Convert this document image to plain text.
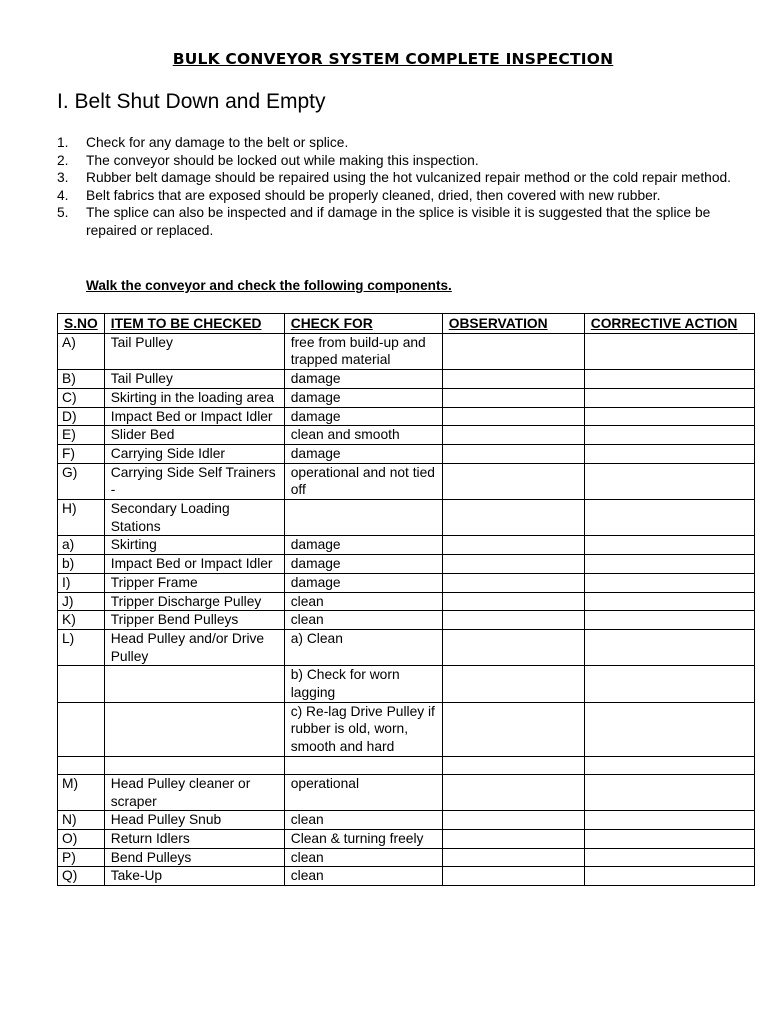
BULK CONVEYOR SYSTEM COMPLETE INSPECTION
I. Belt Shut Down and Empty
1. Check for any damage to the belt or splice.
2. The conveyor should be locked out while making this inspection.
3. Rubber belt damage should be repaired using the hot vulcanized repair method or the cold repair method.
4. Belt fabrics that are exposed should be properly cleaned, dried, then covered with new rubber.
5. The splice can also be inspected and if damage in the splice is visible it is suggested that the splice be repaired or replaced.
Walk the conveyor and check the following components.
S.NO	ITEM TO BE CHECKED	CHECK FOR	OBSERVATION	CORRECTIVE ACTION
A)	Tail Pulley	free from build-up and trapped material		
B)	Tail Pulley	damage		
C)	Skirting in the loading area	damage		
D)	Impact Bed or Impact Idler	damage		
E)	Slider Bed	clean and smooth		
F)	Carrying Side Idler	damage		
G)	Carrying Side Self Trainers -	operational and not tied off		
H)	Secondary Loading Stations			
a)	Skirting	damage		
b)	Impact Bed or Impact Idler	damage		
I)	Tripper Frame	damage		
J)	Tripper Discharge Pulley	clean		
K)	Tripper Bend Pulleys	clean		
L)	Head Pulley and/or Drive Pulley	a) Clean		
		b) Check for worn lagging		
		c) Re-lag Drive Pulley if rubber is old, worn, smooth and hard		

M)	Head Pulley cleaner or scraper	operational		
N)	Head Pulley Snub	clean		
O)	Return Idlers	Clean & turning freely		
P)	Bend Pulleys	clean		
Q)	Take-Up	clean		
